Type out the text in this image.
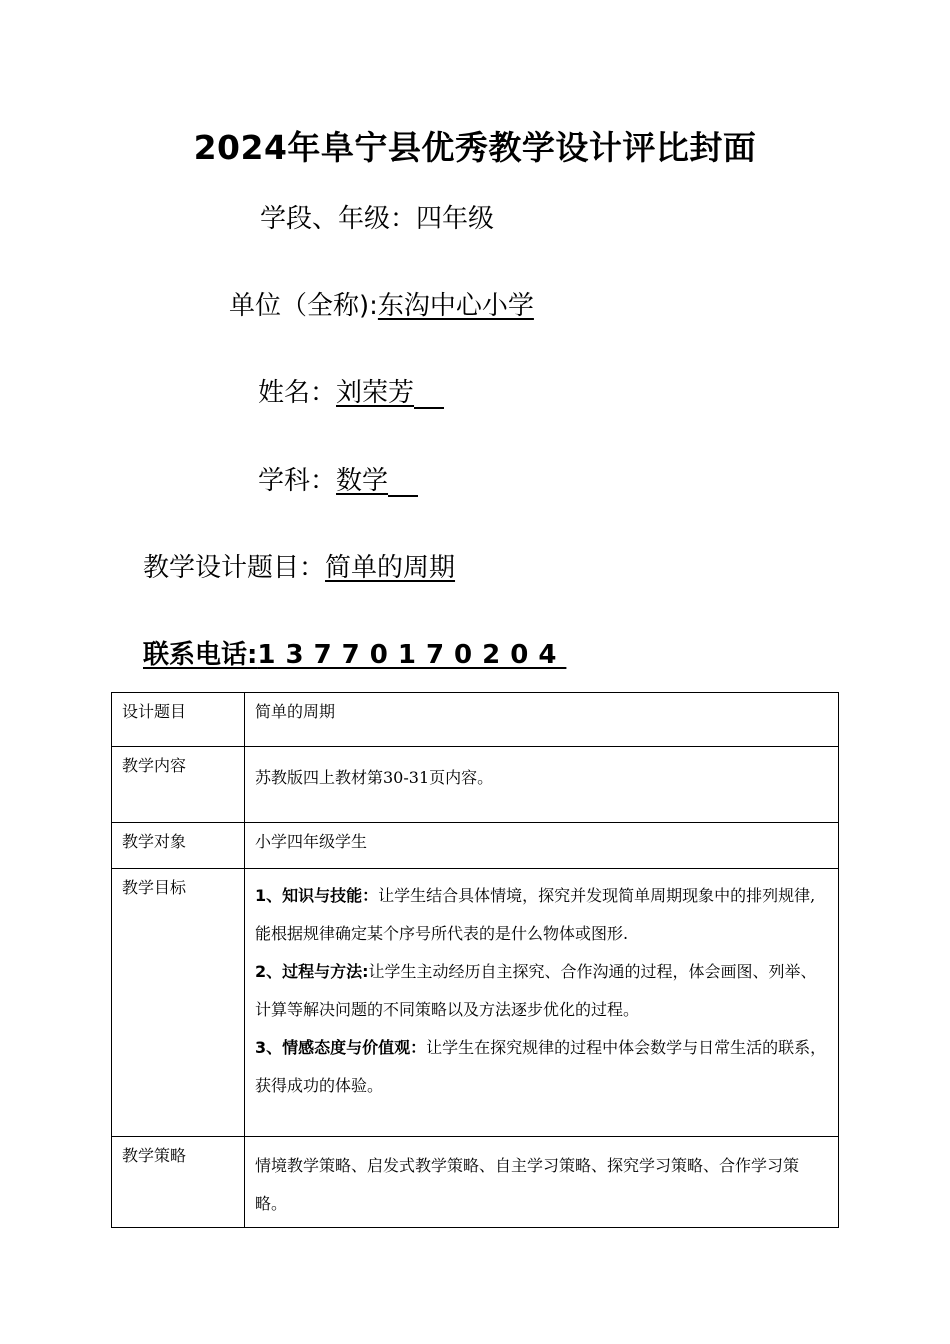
2024年阜宁县优秀教学设计评比封面
学段、年级：四年级
单位（全称):东沟中心小学
姓名：刘荣芳
学科：数学
教学设计题目：简单的周期
联系电话:13770170204
设计题目	简单的周期
教学内容	苏教版四上教材第30-31页内容。
教学对象	小学四年级学生
教学目标	1、知识与技能：让学生结合具体情境，探究并发现简单周期现象中的排列规律,能根据规律确定某个序号所代表的是什么物体或图形.

2、过程与方法:让学生主动经历自主探究、合作沟通的过程，体会画图、列举、计算等解决问题的不同策略以及方法逐步优化的过程。

3、情感态度与价值观：让学生在探究规律的过程中体会数学与日常生活的联系，获得成功的体验。

教学策略	情境教学策略、启发式教学策略、自主学习策略、探究学习策略、合作学习策略。
